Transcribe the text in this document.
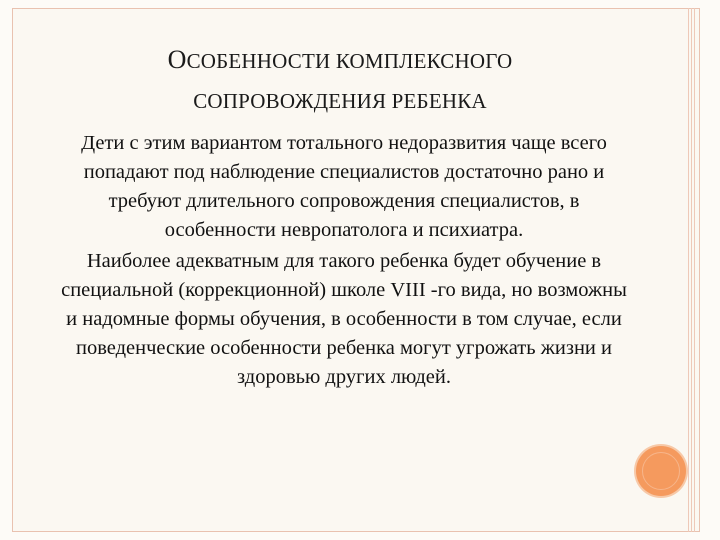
ОСОБЕННОСТИ КОМПЛЕКСНОГО
СОПРОВОЖДЕНИЯ РЕБЕНКА

Дети с этим вариантом тотального недоразвития чаще всего попадают под наблюдение специалистов достаточно рано и требуют длительного сопровождения специалистов, в особенности невропатолога и психиатра.

Наиболее адекватным для такого ребенка будет обучение в специальной (коррекционной) школе VIII -го вида, но возможны и надомные формы обучения, в особенности в том случае, если поведенческие особенности ребенка могут угрожать жизни и здоровью других людей.
